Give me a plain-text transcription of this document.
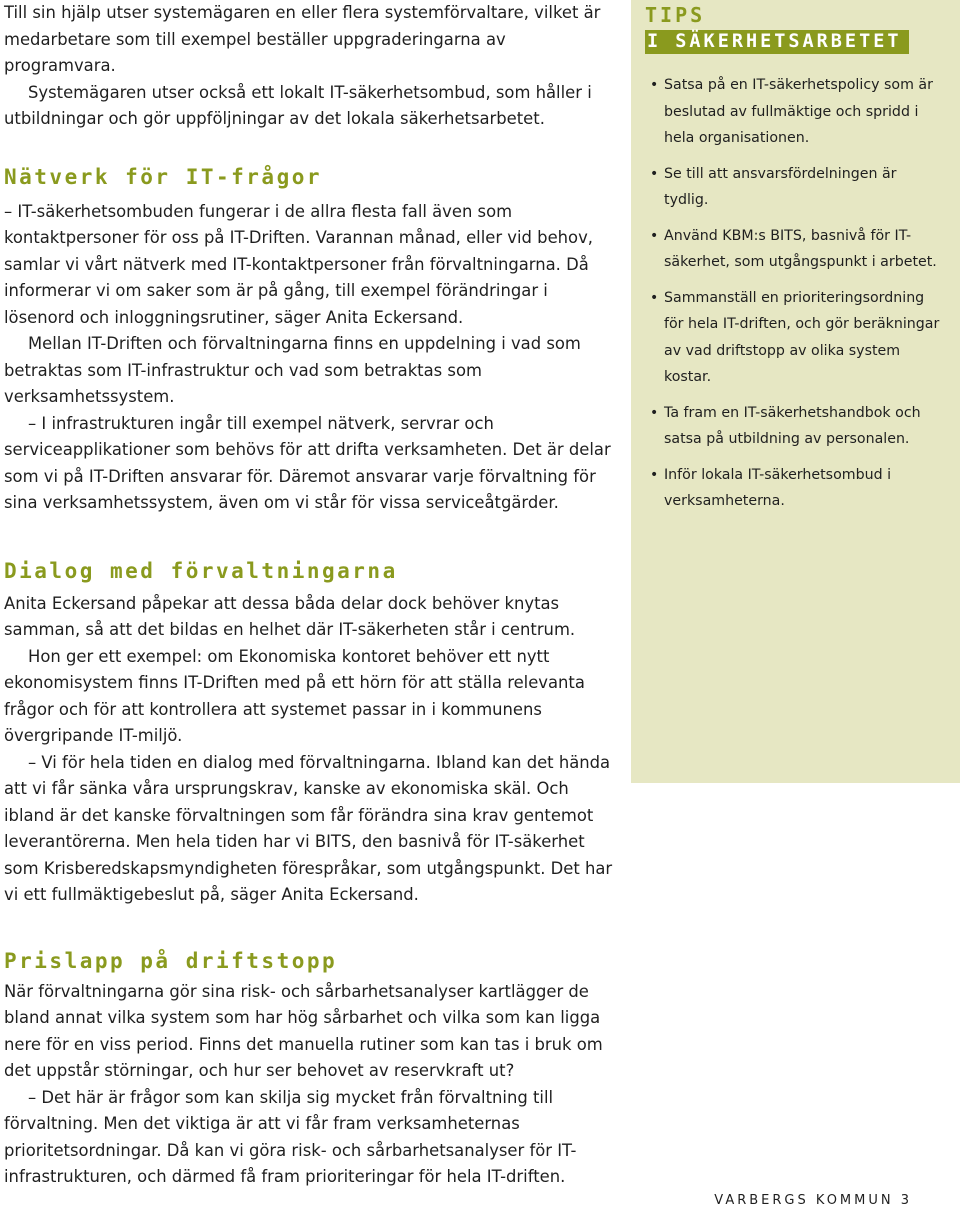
Till sin hjälp utser systemägaren en eller flera systemförvaltare, vilket är medarbetare som till exempel beställer uppgraderingarna av programvara.

Systemägaren utser också ett lokalt IT-säkerhetsombud, som håller i utbildningar och gör uppföljningar av det lokala säkerhetsarbetet.

Nätverk för IT-frågor

– IT-säkerhetsombuden fungerar i de allra flesta fall även som kontaktpersoner för oss på IT-Driften. Varannan månad, eller vid behov, samlar vi vårt nätverk med IT-kontaktpersoner från förvaltningarna. Då informerar vi om saker som är på gång, till exempel förändringar i lösenord och inloggningsrutiner, säger Anita Eckersand.

Mellan IT-Driften och förvaltningarna finns en uppdelning i vad som betraktas som IT-infrastruktur och vad som betraktas som verksamhetssystem.

– I infrastrukturen ingår till exempel nätverk, servrar och serviceapplikationer som behövs för att drifta verksamheten. Det är delar som vi på IT-Driften ansvarar för. Däremot ansvarar varje förvaltning för sina verksamhetssystem, även om vi står för vissa serviceåtgärder.

Dialog med förvaltningarna

Anita Eckersand påpekar att dessa båda delar dock behöver knytas samman, så att det bildas en helhet där IT-säkerheten står i centrum.

Hon ger ett exempel: om Ekonomiska kontoret behöver ett nytt ekonomisystem finns IT-Driften med på ett hörn för att ställa relevanta frågor och för att kontrollera att systemet passar in i kommunens övergripande IT-miljö.

– Vi för hela tiden en dialog med förvaltningarna. Ibland kan det hända att vi får sänka våra ursprungskrav, kanske av ekonomiska skäl. Och ibland är det kanske förvaltningen som får förändra sina krav gentemot leverantörerna. Men hela tiden har vi BITS, den basnivå för IT-säkerhet som Krisberedskapsmyndigheten förespråkar, som utgångspunkt. Det har vi ett fullmäktigebeslut på, säger Anita Eckersand.

Prislapp på driftstopp

När förvaltningarna gör sina risk- och sårbarhetsanalyser kartlägger de bland annat vilka system som har hög sårbarhet och vilka som kan ligga nere för en viss period. Finns det manuella rutiner som kan tas i bruk om det uppstår störningar, och hur ser behovet av reservkraft ut?

– Det här är frågor som kan skilja sig mycket från förvaltning till förvaltning. Men det viktiga är att vi får fram verksamheternas prioritetsordningar. Då kan vi göra risk- och sårbarhetsanalyser för IT-infrastrukturen, och därmed få fram prioriteringar för hela IT-driften.

TIPS
I SÄKERHETSARBETET
• Satsa på en IT-säkerhetspolicy som är beslutad av fullmäktige och spridd i hela organisationen.
• Se till att ansvarsfördelningen är tydlig.
• Använd KBM:s BITS, basnivå för IT-säkerhet, som utgångspunkt i arbetet.
• Sammanställ en prioriteringsordning för hela IT-driften, och gör beräkningar av vad driftstopp av olika system kostar.
• Ta fram en IT-säkerhetshandbok och satsa på utbildning av personalen.
• Inför lokala IT-säkerhetsombud i verksamheterna.
VARBERGS KOMMUN 3
